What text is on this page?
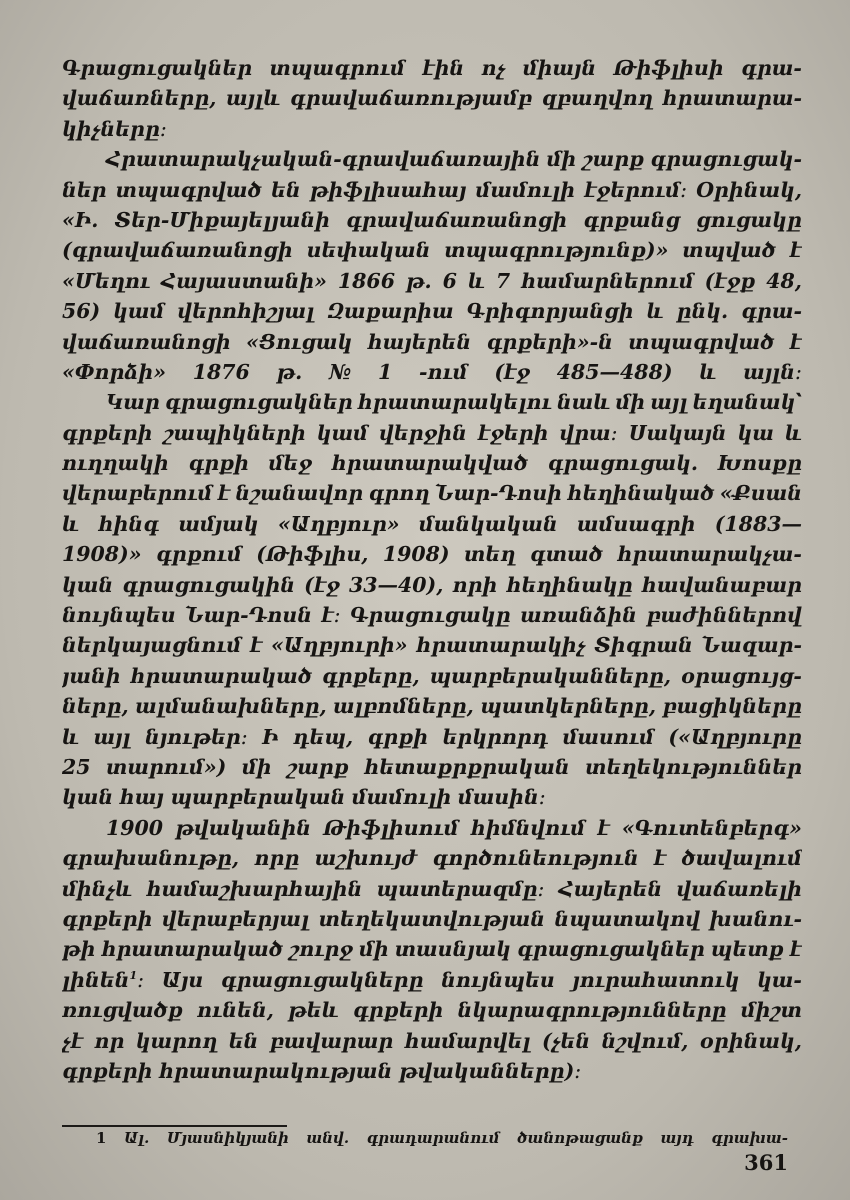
Գրացուցակներ տպագրում էին ոչ միայն Թիֆլիսի գրա-
վաճառները, այլև գրավաճառությամբ զբաղվող հրատարա-
կիչները։
Հրատարակչական-գրավաճառային մի շարք գրացուցակ-
ներ տպագրված են թիֆլիսահայ մամուլի էջերում։ Օրինակ,
«Ի. Տեր-Միքայելյանի գրավաճառանոցի գրքանց ցուցակը
(գրավաճառանոցի սեփական տպագրությունք)» տպված է
«Մեղու Հայաստանի» 1866 թ. 6 և 7 համարներում (էջք 48,
56) կամ վերոհիշյալ Զաքարիա Գրիգորյանցի և ընկ. գրա-
վաճառանոցի «Ցուցակ հայերեն գրքերի»-ն տպագրված է
«Փորձի» 1876 թ. № 1 -ում (էջ 485—488) և այլն։
Կար գրացուցակներ հրատարակելու նաև մի այլ եղանակ՝
գրքերի շապիկների կամ վերջին էջերի վրա։ Սակայն կա և
ուղղակի գրքի մեջ հրատարակված գրացուցակ. Խոսքը
վերաբերում է նշանավոր գրող Նար-Դոսի հեղինակած «Քսան
և հինգ ամյակ «Աղբյուր» մանկական ամսագրի (1883—
1908)» գրքում (Թիֆլիս, 1908) տեղ գտած հրատարակչա-
կան գրացուցակին (էջ 33—40), որի հեղինակը հավանաբար
նույնպես Նար-Դոսն է։ Գրացուցակը առանձին բաժիններով
ներկայացնում է «Աղբյուրի» հրատարակիչ Տիգրան Նազար-
յանի հրատարակած գրքերը, պարբերականները, օրացույց-
ները, ալմանախները, ալբոմները, պատկերները, բացիկները
և այլ նյութեր։ Ի դեպ, գրքի երկրորդ մասում («Աղբյուրը
25 տարում») մի շարք հետաքրքրական տեղեկություններ
կան հայ պարբերական մամուլի մասին։
1900 թվականին Թիֆլիսում հիմնվում է «Գուտենբերգ»
գրախանութը, որը աշխույժ գործունեություն է ծավալում
մինչև համաշխարհային պատերազմը։ Հայերեն վաճառելի
գրքերի վերաբերյալ տեղեկատվության նպատակով խանու-
թի հրատարակած շուրջ մի տասնյակ գրացուցակներ պետք է
լինեն$^1$։ Այս գրացուցակները նույնպես յուրահատուկ կա-
ռուցվածք ունեն, թեև գրքերի նկարագրությունները միշտ
չէ որ կարող են բավարար համարվել (չեն նշվում, օրինակ,
գրքերի հրատարակության թվականները)։
1 Ալ. Մյասնիկյանի անվ. գրադարանում ծանոթացանք այդ գրախա-
361
